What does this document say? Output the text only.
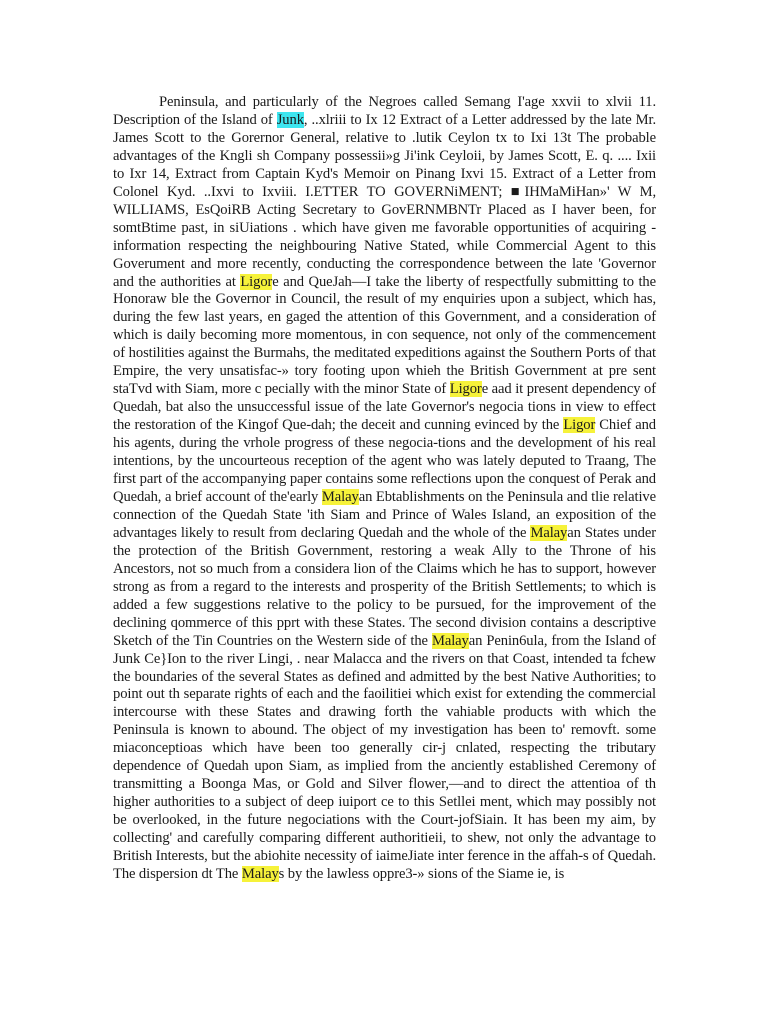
Peninsula, and particularly of the Negroes called Semang I'age xxvii to xlvii 11. Description of the Island of Junk, ..xlriii to Ix 12 Extract of a Letter addressed by the late Mr. James Scott to the Gorernor General, relative to .lutik Ceylon tx to Ixi 13t The probable advantages of the Kngli sh Company possessii»g Ji'ink Ceyloii, by James Scott, E. q. .... Ixii to Ixr 14, Extract from Captain Kyd's Memoir on Pinang Ixvi 15. Extract of a Letter from Colonel Kyd. ..Ixvi to Ixviii. I.ETTER TO GOVERNiMENT; ■IHMaMiHan»' W M, WILLIAMS, EsQoiRB Acting Secretary to GovERNMBNTr Placed as I haver been, for somtBtime past, in siUiations . which have given me favorable opportunities of acquiring -information respecting the neighbouring Native Stated, while Commercial Agent to this Goverument and more recently, conducting the correspondence between the late 'Governor and the authorities at Ligore and QueJah—I take the liberty of respectfully submitting to the Honoraw ble the Governor in Council, the result of my enquiries upon a subject, which has, during the few last years, en gaged the attention of this Government, and a consideration of which is daily becoming more momentous, in con sequence, not only of the commencement of hostilities against the Burmahs, the meditated expeditions against the Southern Ports of that Empire, the very unsatisfac-» tory footing upon whieh the British Government at pre sent staTvd with Siam, more c pecially with the minor State of Ligore aad it present dependency of Quedah, bat also the unsuccessful issue of the late Governor's negocia tions in view to effect the restoration of the Kingof Que-dah; the deceit and cunning evinced by the Ligor Chief and his agents, during the vrhole progress of these negocia-tions and the development of his real intentions, by the uncourteous reception of the agent who was lately deputed to Traang, The first part of the accompanying paper contains some reflections upon the conquest of Perak and Quedah, a brief account of the'early Malayan Ebtablishments on the Peninsula and tlie relative connection of the Quedah State 'ith Siam and Prince of Wales Island, an exposition of the advantages likely to result from declaring Quedah and the whole of the Malayan States under the protection of the British Government, restoring a weak Ally to the Throne of his Ancestors, not so much from a considera lion of the Claims which he has to support, however strong as from a regard to the interests and prosperity of the British Settlements; to which is added a few suggestions relative to the policy to be pursued, for the improvement of the declining qommerce of this pprt with these States. The second division contains a descriptive Sketch of the Tin Countries on the Western side of the Malayan Penin6ula, from the Island of Junk Ce}Ion to the river Lingi, . near Malacca and the rivers on that Coast, intended ta fchew the boundaries of the several States as defined and admitted by the best Native Authorities; to point out th separate rights of each and the faoilitiei which exist for extending the commercial intercourse with these States and drawing forth the vahiable products with which the Peninsula is known to abound. The object of my investigation has been to' removft. some miaconceptioas which have been too generally cir-j cnlated, respecting the tributary dependence of Quedah upon Siam, as implied from the anciently established Ceremony of transmitting a Boonga Mas, or Gold and Silver flower,—and to direct the attentioa of th higher authorities to a subject of deep iuiport ce to this Setllei ment, which may possibly not be overlooked, in the future negociations with the Court-jofSiain. It has been my aim, by collecting' and carefully comparing different authoritieii, to shew, not only the advantage to British Interests, but the abiohite necessity of iaimeJiate inter ference in the affah-s of Quedah. The dispersion dt The Malays by the lawless oppre3-» sions of the Siame ie, is
